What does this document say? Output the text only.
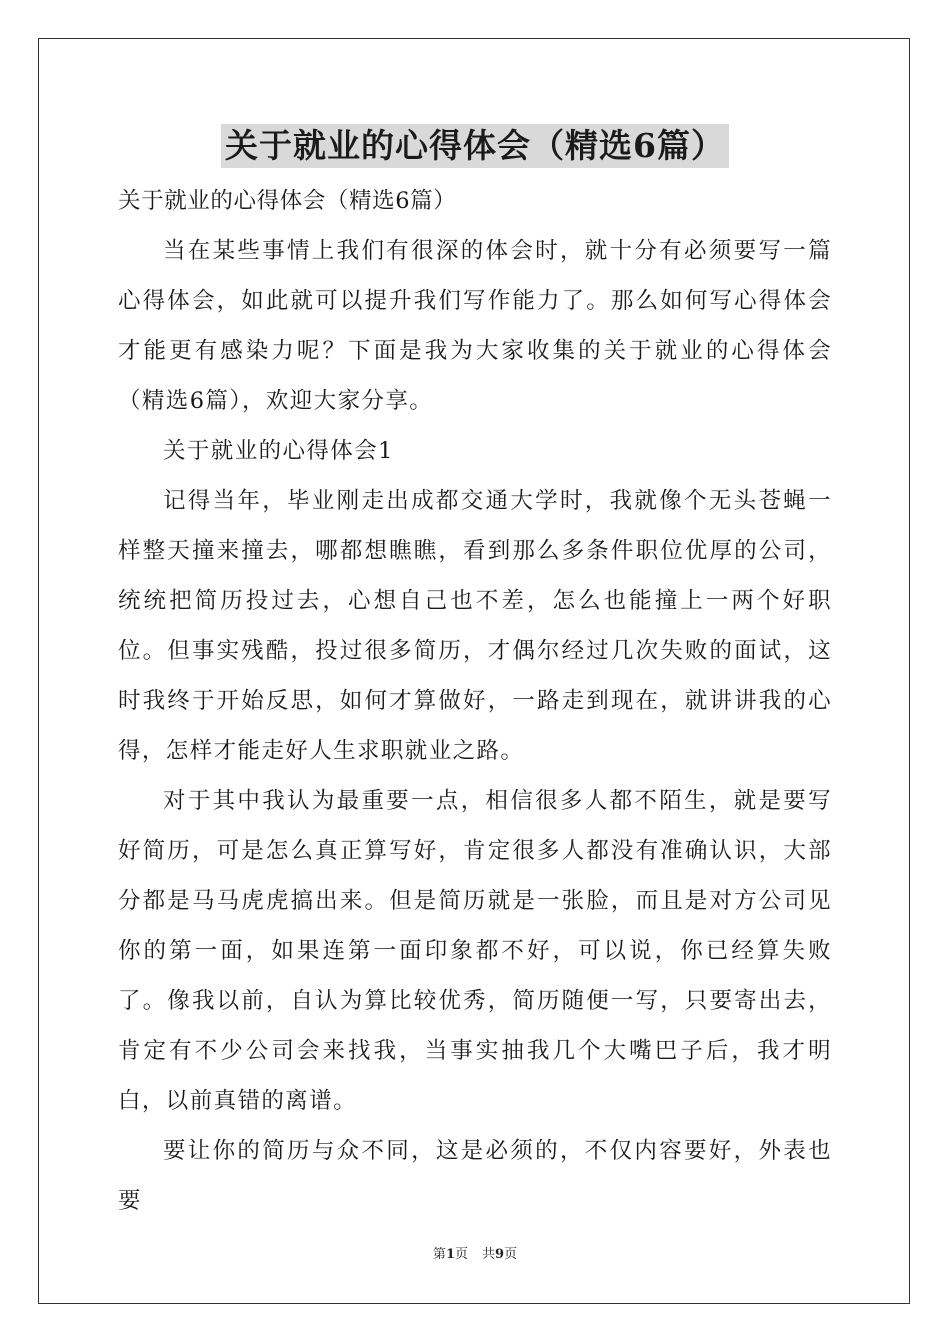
关于就业的心得体会（精选6篇）

关于就业的心得体会（精选6篇）

当在某些事情上我们有很深的体会时，就十分有必须要写一篇心得体会，如此就可以提升我们写作能力了。那么如何写心得体会才能更有感染力呢？下面是我为大家收集的关于就业的心得体会（精选6篇），欢迎大家分享。

关于就业的心得体会1

记得当年，毕业刚走出成都交通大学时，我就像个无头苍蝇一样整天撞来撞去，哪都想瞧瞧，看到那么多条件职位优厚的公司，统统把简历投过去，心想自己也不差，怎么也能撞上一两个好职位。但事实残酷，投过很多简历，才偶尔经过几次失败的面试，这时我终于开始反思，如何才算做好，一路走到现在，就讲讲我的心得，怎样才能走好人生求职就业之路。

对于其中我认为最重要一点，相信很多人都不陌生，就是要写好简历，可是怎么真正算写好，肯定很多人都没有准确认识，大部分都是马马虎虎搞出来。但是简历就是一张脸，而且是对方公司见你的第一面，如果连第一面印象都不好，可以说，你已经算失败了。像我以前，自认为算比较优秀，简历随便一写，只要寄出去，肯定有不少公司会来找我，当事实抽我几个大嘴巴子后，我才明白，以前真错的离谱。

要让你的简历与众不同，这是必须的，不仅内容要好，外表也要

第1页 共9页
